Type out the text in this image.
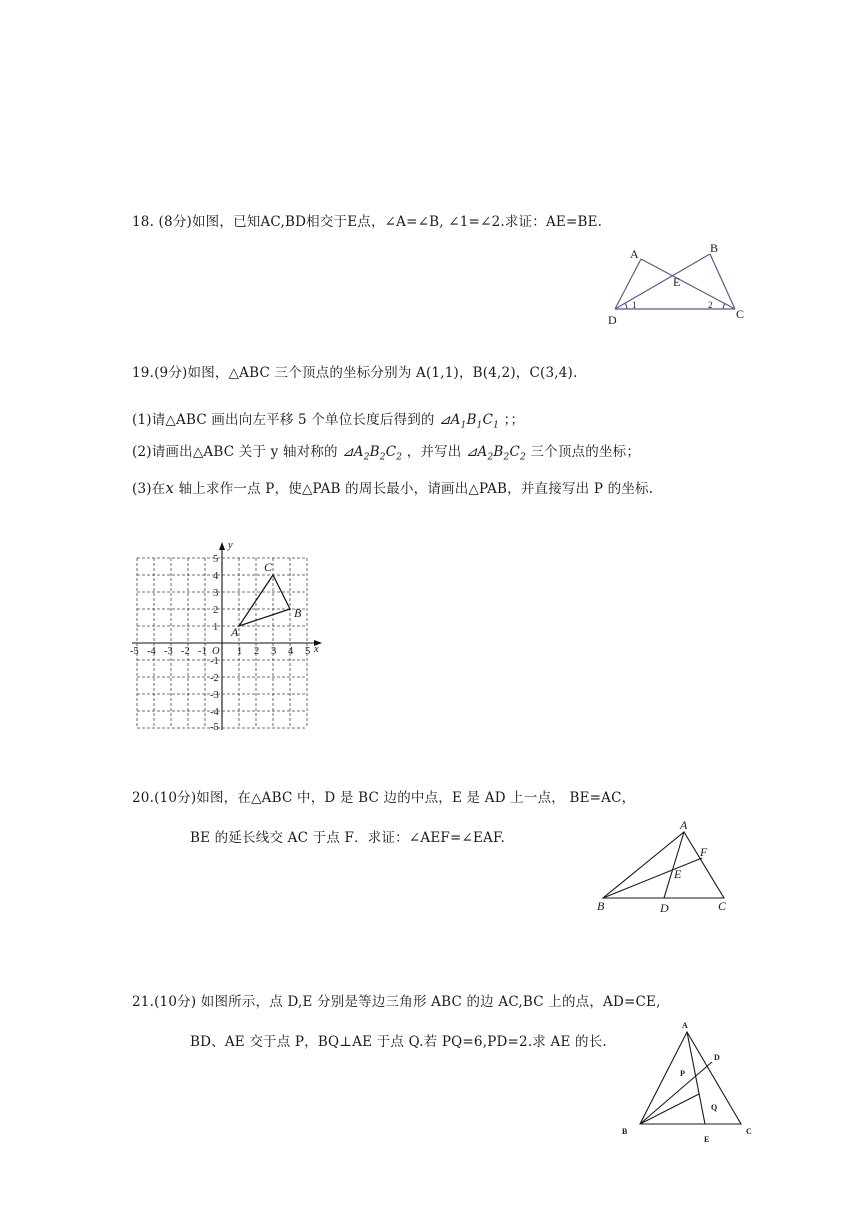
18. (8分)如图，已知AC,BD相交于E点，∠A=∠B, ∠1=∠2.求证：AE=BE.
A	B
E
D	C
1	2
19.(9分)如图，△ABC 三个顶点的坐标分别为 A(1,1)，B(4,2)，C(3,4).
(1)请△ABC 画出向左平移 5 个单位长度后得到的 $⊿A_1B_1C_1$ ；；
(2)请画出△ABC 关于 y 轴对称的 $⊿A_2B_2C_2$ ，并写出 $⊿A_2B_2C_2$ 三个顶点的坐标；
(3)在x 轴上求作一点 P，使△PAB 的周长最小，请画出△PAB，并直接写出 P 的坐标.
-5 -4 -3 -2 -1 O 1 2 3 4 5 x
y
5
4
3
2
1
-1
-2
-3
-4
-5
A
B
C
20.(10分)如图，在△ABC 中，D 是 BC 边的中点，E 是 AD 上一点， BE=AC，
BE 的延长线交 AC 于点 F．求证：∠AEF=∠EAF.
A
F
E
B	D	C
21.(10分) 如图所示，点 D,E 分别是等边三角形 ABC 的边 AC,BC 上的点，AD=CE,
BD、AE 交于点 P，BQ⊥AE 于点 Q.若 PQ=6,PD=2.求 AE 的长.
A
D
P
Q
B
E
C
